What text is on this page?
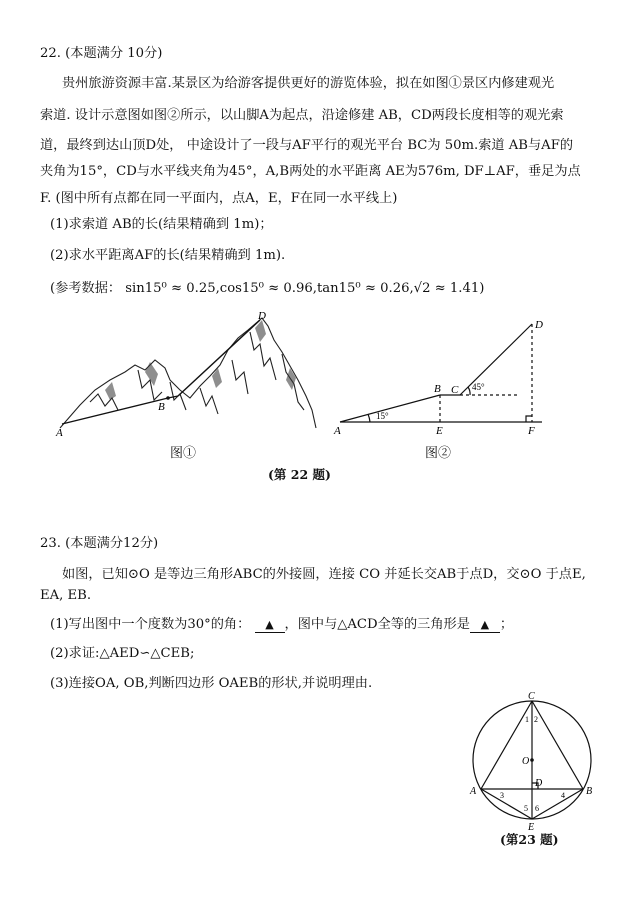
22. (本题满分 10分)
贵州旅游资源丰富.某景区为给游客提供更好的游览体验，拟在如图①景区内修建观光
索道. 设计示意图如图②所示，以山脚A为起点，沿途修建 AB，CD两段长度相等的观光索
道，最终到达山顶D处， 中途设计了一段与AF平行的观光平台 BC为 50m.索道 AB与AF的
夹角为15°，CD与水平线夹角为45°，A,B两处的水平距离 AE为576m, DF⊥AF，垂足为点
F. (图中所有点都在同一平面内，点A，E，F在同一水平线上)
(1)求索道 AB的长(结果精确到 1m)；
(2)求水平距离AF的长(结果精确到 1m).
(参考数据： sin15⁰ ≈ 0.25,cos15⁰ ≈ 0.96,tan15⁰ ≈ 0.26,√2 ≈ 1.41)
A
B
D
图①
15°
45°
A
B C
D
E	F
图②
(第 22 题)
23. (本题满分12分)
如图，已知⊙O 是等边三角形ABC的外接圆，连接 CO 并延长交AB于点D，交⊙O 于点E,
EA, EB.
(1)写出图中一个度数为30°的角： ▲ ，图中与△ACD全等的三角形是 ▲ ；
(2)求证:△AED∽△CEB;
(3)连接OA, OB,判断四边形 OAEB的形状,并说明理由.
C
O
D
A	B
E
1 2
3	4
5 6
(第23 题)
